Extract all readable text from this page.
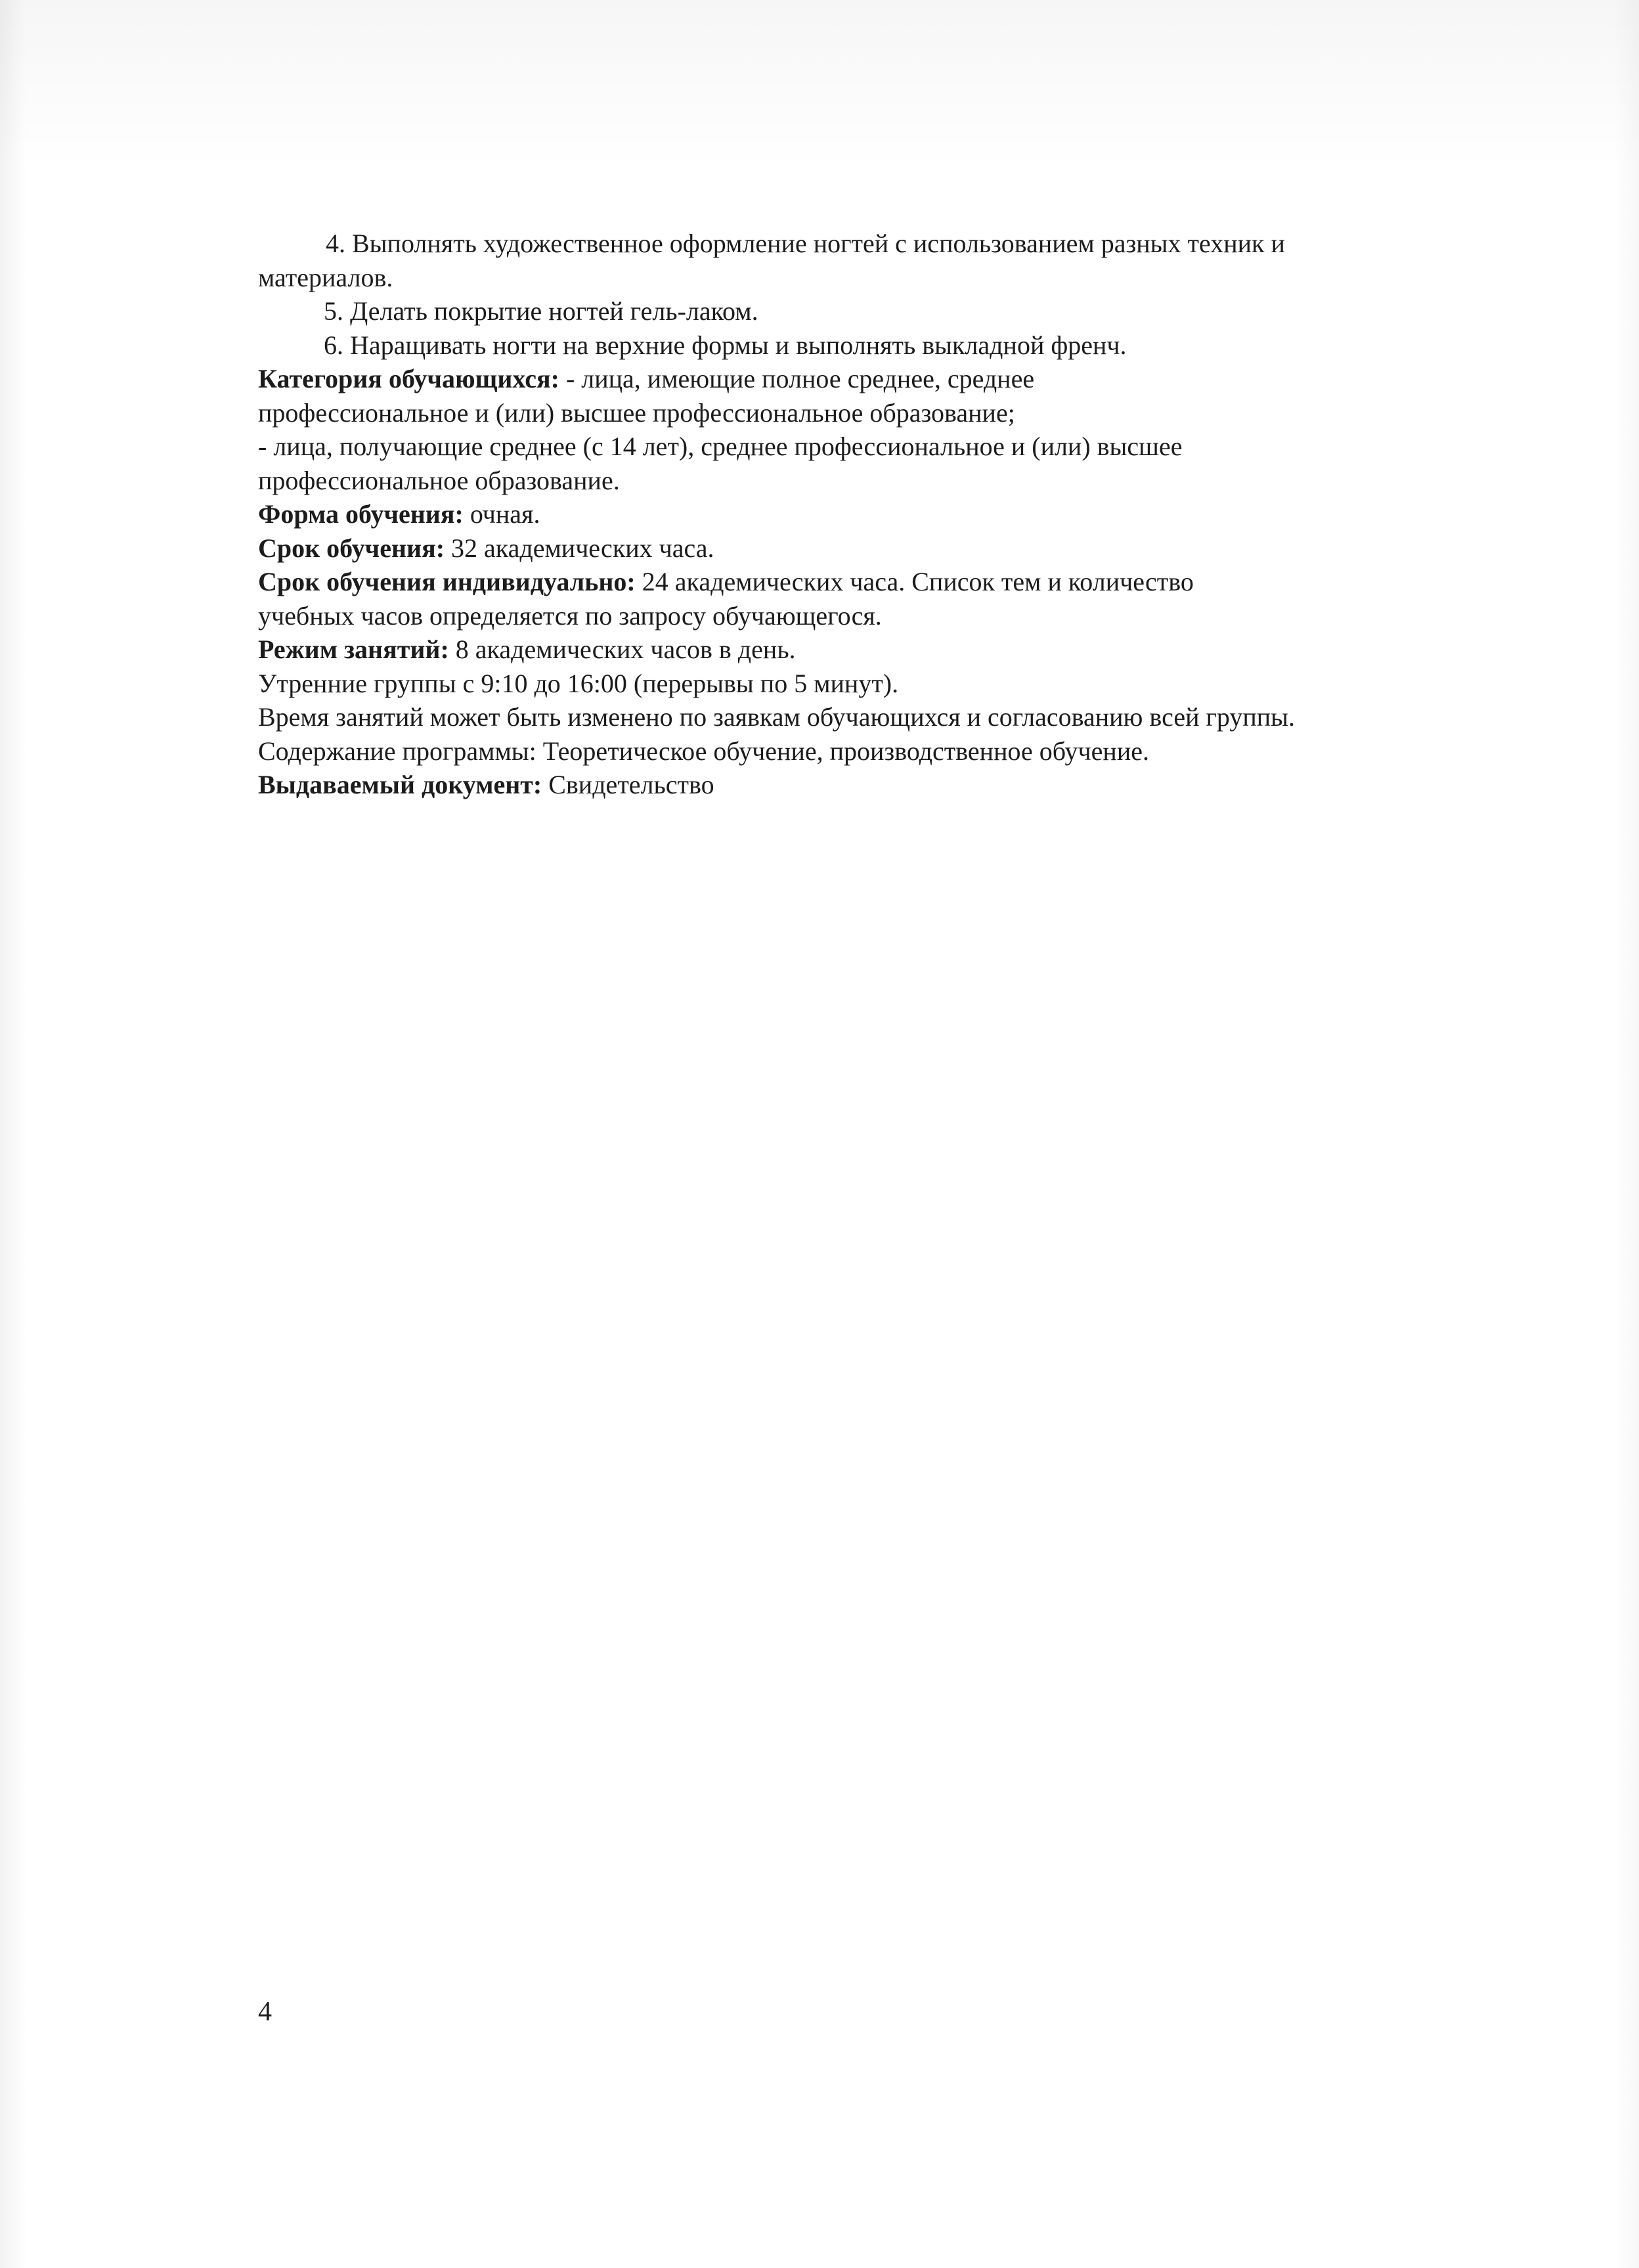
4. Выполнять художественное оформление ногтей с использованием разных техник и
материалов.
5. Делать покрытие ногтей гель-лаком.
6. Наращивать ногти на верхние формы и выполнять выкладной френч.
Категория обучающихся: - лица, имеющие полное среднее, среднее
профессиональное и (или) высшее профессиональное образование;
- лица, получающие среднее (с 14 лет), среднее профессиональное и (или) высшее
профессиональное образование.
Форма обучения: очная.
Срок обучения: 32 академических часа.
Срок обучения индивидуально: 24 академических часа. Список тем и количество
учебных часов определяется по запросу обучающегося.
Режим занятий: 8 академических часов в день.
Утренние группы с 9:10 до 16:00 (перерывы по 5 минут).
Время занятий может быть изменено по заявкам обучающихся и согласованию всей группы.
Содержание программы: Теоретическое обучение, производственное обучение.
Выдаваемый документ: Свидетельство
4
